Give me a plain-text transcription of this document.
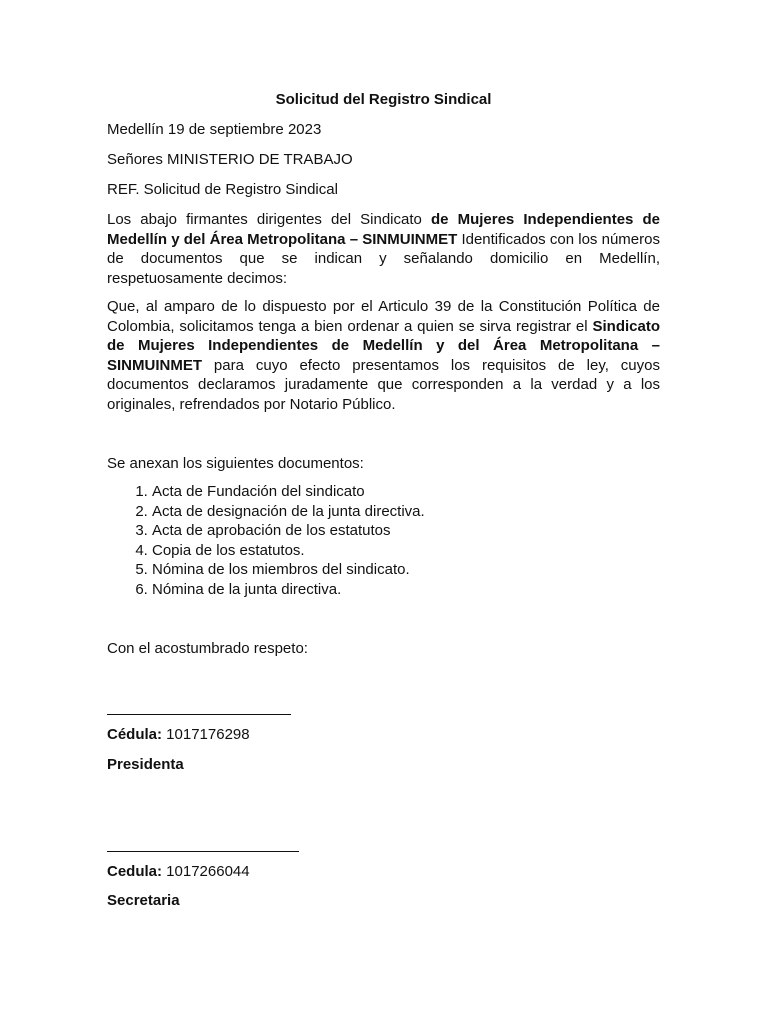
Solicitud del Registro Sindical

Medellín 19 de septiembre 2023

Señores MINISTERIO DE TRABAJO

REF. Solicitud de Registro Sindical

Los abajo firmantes dirigentes del Sindicato de Mujeres Independientes de Medellín y del Área Metropolitana – SINMUINMET Identificados con los números de documentos que se indican y señalando domicilio en Medellín, respetuosamente decimos:

Que, al amparo de lo dispuesto por el Articulo 39 de la Constitución Política de Colombia, solicitamos tenga a bien ordenar a quien se sirva registrar el Sindicato de Mujeres Independientes de Medellín y del Área Metropolitana – SINMUINMET para cuyo efecto presentamos los requisitos de ley, cuyos documentos declaramos juradamente que corresponden a la verdad y a los originales, refrendados por Notario Público.

Se anexan los siguientes documentos:

1. Acta de Fundación del sindicato
2. Acta de designación de la junta directiva.
3. Acta de aprobación de los estatutos
4. Copia de los estatutos.
5. Nómina de los miembros del sindicato.
6. Nómina de la junta directiva.

Con el acostumbrado respeto:

Cédula: 1017176298

Presidenta

Cedula: 1017266044

Secretaria
